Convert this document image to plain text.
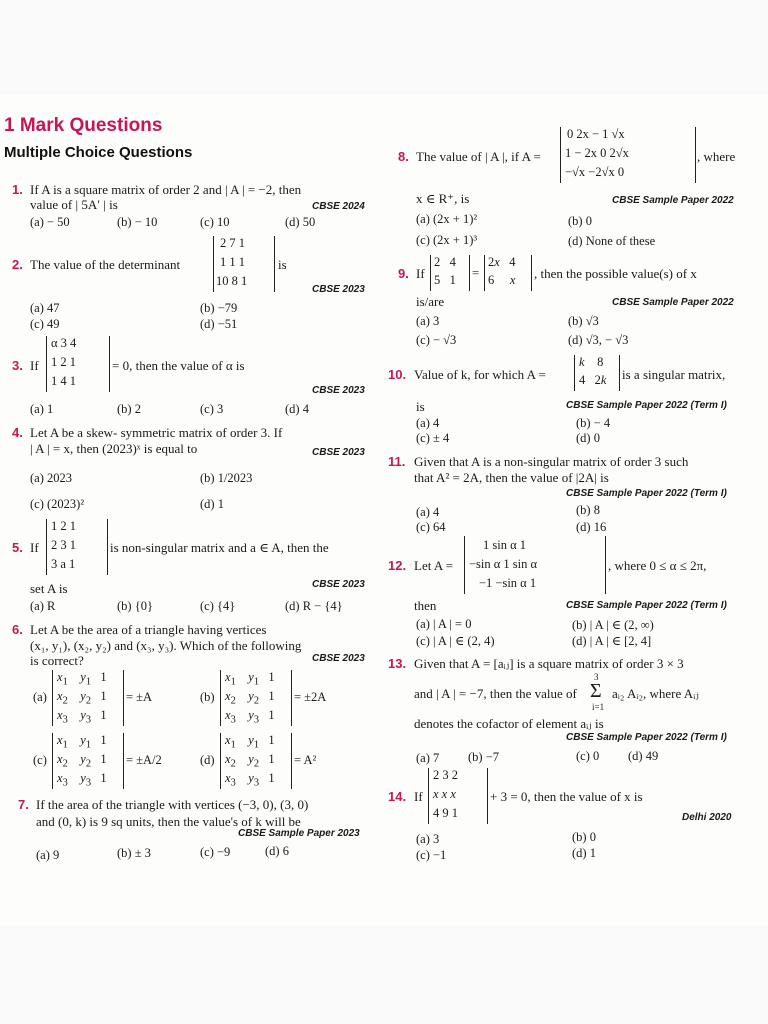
1 Mark Questions
Multiple Choice Questions
1. If A is a square matrix of order 2 and | A | = −2, then
value of | 5A′ | is	CBSE 2024
(a) − 50	(b) − 10	(c) 10	(d) 50
2. The value of the determinant
2 7 1
1 1 1
10 8 1
is
CBSE 2023
(a) 47	(b) −79
(c) 49	(d) −51
3. If
α 3 4
1 2 1
1 4 1
= 0, then the value of α is
CBSE 2023
(a) 1	(b) 2	(c) 3	(d) 4
4. Let A be a skew- symmetric matrix of order 3. If
| A | = x, then (2023)ˣ is equal to	CBSE 2023
(a) 2023	(b) 1/2023
(c) (2023)²	(d) 1
5. If
1 2 1
2 3 1
3 a 1
is non-singular matrix and a ∈ A, then the
set A is	CBSE 2023
(a) R	(b) {0}	(c) {4}	(d) R − {4}
6. Let A be the area of a triangle having vertices
(x₁, y₁), (x₂, y₂) and (x₃, y₃). Which of the following
is correct?	CBSE 2023
(a)
$x_1$ $y_1$   1
$x_2$ $y_2$   1
$x_3$ $y_3$   1
= ±A	(b)
$x_1$ $y_1$   1
$x_2$ $y_2$   1
$x_3$ $y_3$   1
= ±2A
(c)
$x_1$ $y_1$   1
$x_2$ $y_2$   1
$x_3$ $y_3$   1
= ±A/2	(d)
$x_1$ $y_1$   1
$x_2$ $y_2$   1
$x_3$ $y_3$   1
= A²
7. If the area of the triangle with vertices (−3, 0), (3, 0)
and (0, k) is 9 sq units, then the value's of k will be
CBSE Sample Paper 2023
(a) 9	(b) ± 3	(c) −9	(d) 6
8. The value of | A |, if A =
0 2x − 1 √x
1 − 2x 0 2√x
−√x −2√x 0
, where
x ∈ R⁺, is	CBSE Sample Paper 2022
(a) (2x + 1)²	(b) 0
(c) (2x + 1)³	(d) None of these
9. If
2   4
5   1 =
2x   4
6     x , then the possible value(s) of x
is/are	CBSE Sample Paper 2022
(a) 3	(b) √3
(c) − √3	(d) √3, − √3
10. Value of k, for which A =
k    8
4   2k is a singular matrix,
is	CBSE Sample Paper 2022 (Term I)
(a) 4	(b) − 4
(c) ± 4	(d) 0
11. Given that A is a non-singular matrix of order 3 such
that A² = 2A, then the value of |2A| is
CBSE Sample Paper 2022 (Term I)
(a) 4	(b) 8
(c) 64	(d) 16
12. Let A =
1 sin α 1
−sin α 1 sin α
−1 −sin α 1
, where 0 ≤ α ≤ 2π,
then	CBSE Sample Paper 2022 (Term I)
(a) | A | = 0	(b) | A | ∈ (2, ∞)
(c) | A | ∈ (2, 4)	(d) | A | ∈ [2, 4]
13. Given that A = [aᵢⱼ] is a square matrix of order 3 × 3
and | A | = −7, then the value of
3
Σ
i=1
aᵢ₂ Aᵢ₂, where Aᵢⱼ
denotes the cofactor of element aᵢⱼ is
CBSE Sample Paper 2022 (Term I)
(a) 7 (b) −7	(c) 0 (d) 49
14. If
2 3 2
x x x
4 9 1
+ 3 = 0, then the value of x is
Delhi 2020
(a) 3	(b) 0
(c) −1	(d) 1
